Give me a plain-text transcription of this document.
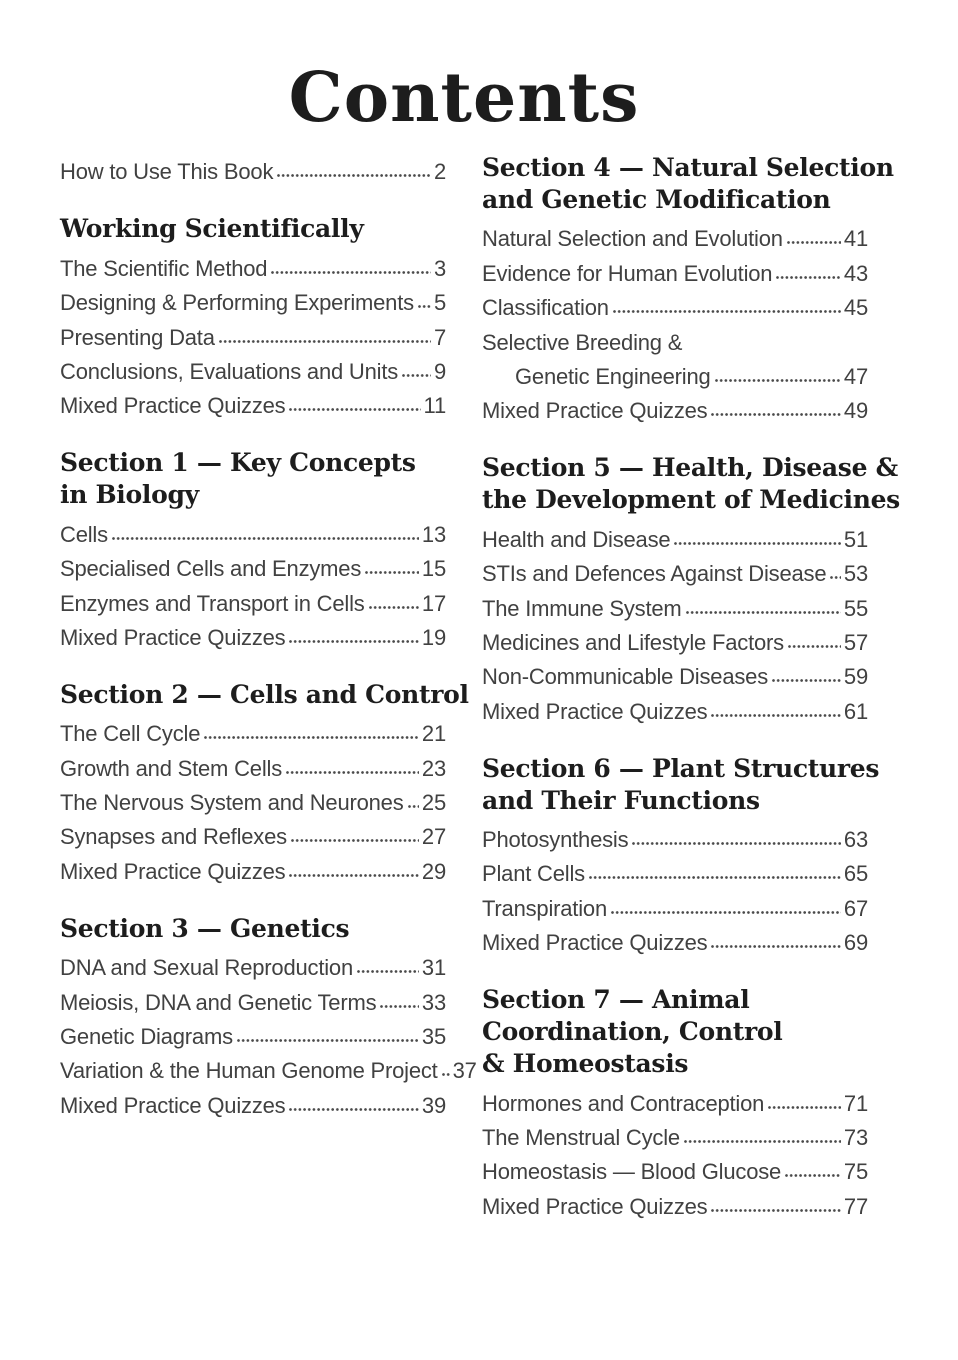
Contents
How to Use This Book	2
Working Scientifically
The Scientific Method	3
Designing & Performing Experiments 5
Presenting Data	7
Conclusions, Evaluations and Units 9
Mixed Practice Quizzes	11
Section 1 — Key Concepts
in Biology
Cells	13
Specialised Cells and Enzymes	15
Enzymes and Transport in Cells	17
Mixed Practice Quizzes	19
Section 2 — Cells and Control
The Cell Cycle	21
Growth and Stem Cells	23
The Nervous System and Neurones 25
Synapses and Reflexes	27
Mixed Practice Quizzes	29
Section 3 — Genetics
DNA and Sexual Reproduction	31
Meiosis, DNA and Genetic Terms 33
Genetic Diagrams	35
Variation & the Human Genome Project 37
Mixed Practice Quizzes	39
Section 4 — Natural Selection
and Genetic Modification
Natural Selection and Evolution	41
Evidence for Human Evolution	43
Classification	45
Selective Breeding &
Genetic Engineering	47
Mixed Practice Quizzes	49
Section 5 — Health, Disease &
the Development of Medicines
Health and Disease	51
STIs and Defences Against Disease 53
The Immune System	55
Medicines and Lifestyle Factors	57
Non-Communicable Diseases	59
Mixed Practice Quizzes	61
Section 6 — Plant Structures
and Their Functions
Photosynthesis	63
Plant Cells	65
Transpiration	67
Mixed Practice Quizzes	69
Section 7 — Animal
Coordination, Control
& Homeostasis
Hormones and Contraception	71
The Menstrual Cycle	73
Homeostasis — Blood Glucose	75
Mixed Practice Quizzes	77
